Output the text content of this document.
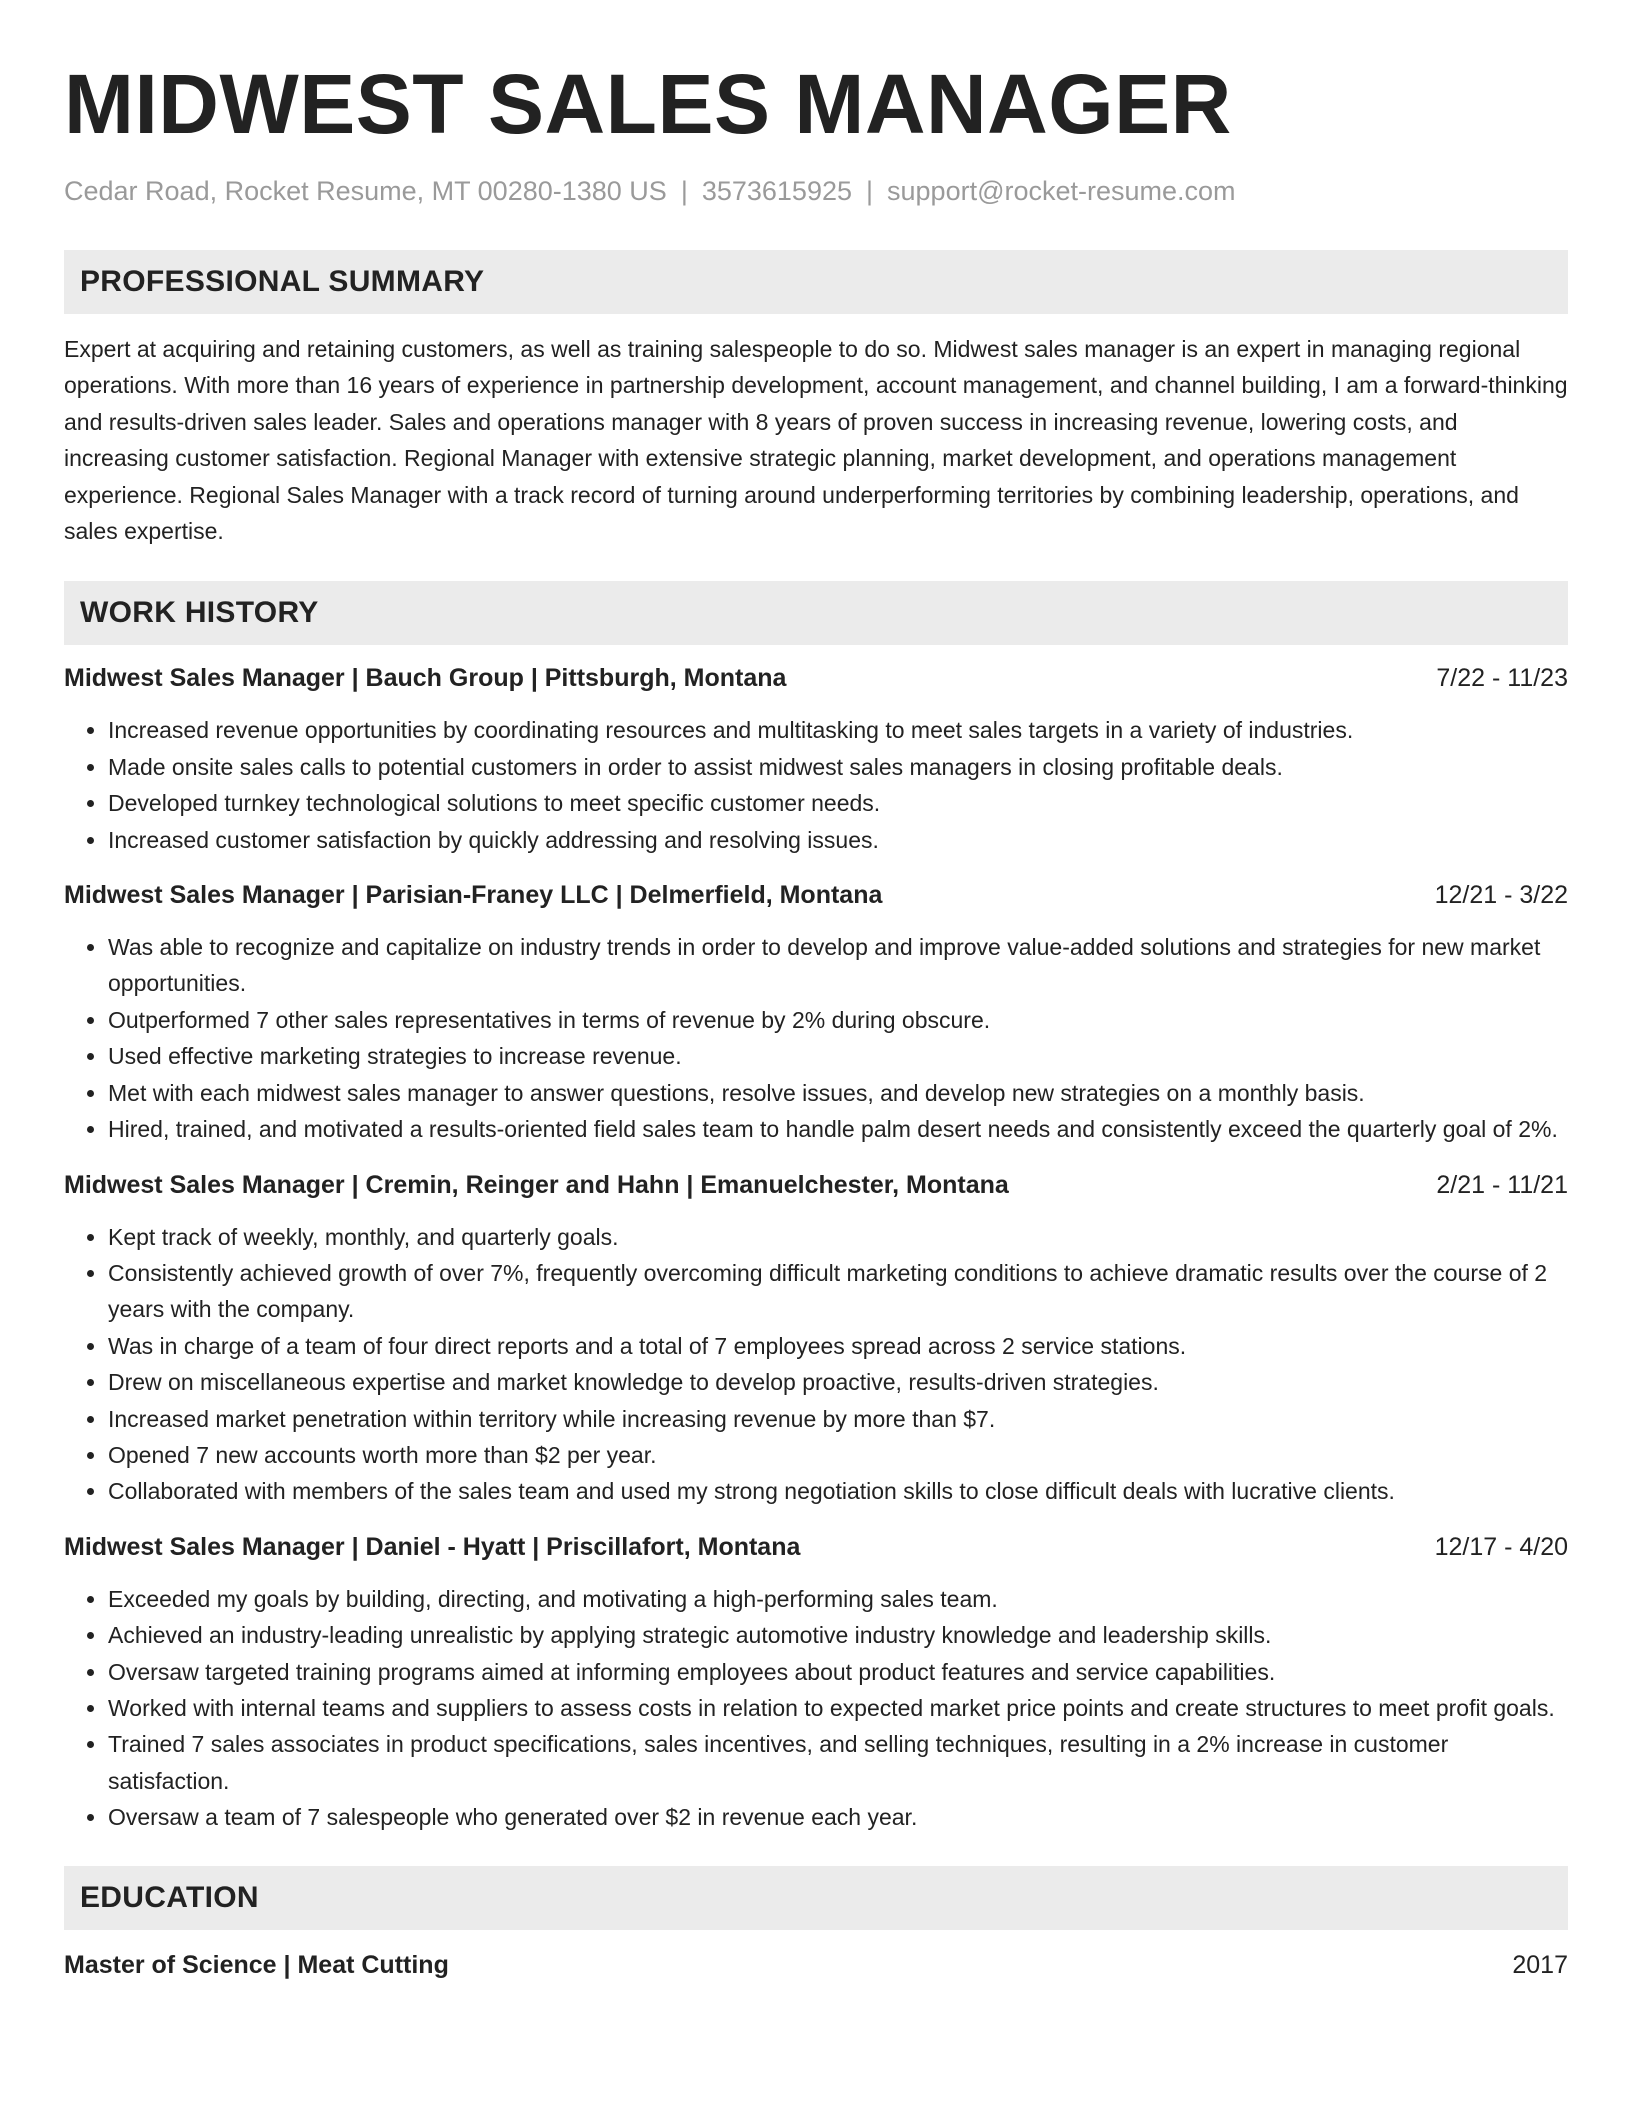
MIDWEST SALES MANAGER
Cedar Road, Rocket Resume, MT 00280-1380 US | 3573615925 | support@rocket-resume.com
PROFESSIONAL SUMMARY

Expert at acquiring and retaining customers, as well as training salespeople to do so. Midwest sales manager is an expert in managing regional operations. With more than 16 years of experience in partnership development, account management, and channel building, I am a forward-thinking and results-driven sales leader. Sales and operations manager with 8 years of proven success in increasing revenue, lowering costs, and increasing customer satisfaction. Regional Manager with extensive strategic planning, market development, and operations management experience. Regional Sales Manager with a track record of turning around underperforming territories by combining leadership, operations, and sales expertise.

WORK HISTORY
Midwest Sales Manager | Bauch Group | Pittsburgh, Montana	7/22 - 11/23
• Increased revenue opportunities by coordinating resources and multitasking to meet sales targets in a variety of industries.
• Made onsite sales calls to potential customers in order to assist midwest sales managers in closing profitable deals.
• Developed turnkey technological solutions to meet specific customer needs.
• Increased customer satisfaction by quickly addressing and resolving issues.
Midwest Sales Manager | Parisian-Franey LLC | Delmerfield, Montana	12/21 - 3/22
• Was able to recognize and capitalize on industry trends in order to develop and improve value-added solutions and strategies for new market opportunities.
• Outperformed 7 other sales representatives in terms of revenue by 2% during obscure.
• Used effective marketing strategies to increase revenue.
• Met with each midwest sales manager to answer questions, resolve issues, and develop new strategies on a monthly basis.
• Hired, trained, and motivated a results-oriented field sales team to handle palm desert needs and consistently exceed the quarterly goal of 2%.
Midwest Sales Manager | Cremin, Reinger and Hahn | Emanuelchester, Montana	2/21 - 11/21
• Kept track of weekly, monthly, and quarterly goals.
• Consistently achieved growth of over 7%, frequently overcoming difficult marketing conditions to achieve dramatic results over the course of 2 years with the company.
• Was in charge of a team of four direct reports and a total of 7 employees spread across 2 service stations.
• Drew on miscellaneous expertise and market knowledge to develop proactive, results-driven strategies.
• Increased market penetration within territory while increasing revenue by more than $7.
• Opened 7 new accounts worth more than $2 per year.
• Collaborated with members of the sales team and used my strong negotiation skills to close difficult deals with lucrative clients.
Midwest Sales Manager | Daniel - Hyatt | Priscillafort, Montana	12/17 - 4/20
• Exceeded my goals by building, directing, and motivating a high-performing sales team.
• Achieved an industry-leading unrealistic by applying strategic automotive industry knowledge and leadership skills.
• Oversaw targeted training programs aimed at informing employees about product features and service capabilities.
• Worked with internal teams and suppliers to assess costs in relation to expected market price points and create structures to meet profit goals.
• Trained 7 sales associates in product specifications, sales incentives, and selling techniques, resulting in a 2% increase in customer satisfaction.
• Oversaw a team of 7 salespeople who generated over $2 in revenue each year.
EDUCATION
Master of Science | Meat Cutting	2017
